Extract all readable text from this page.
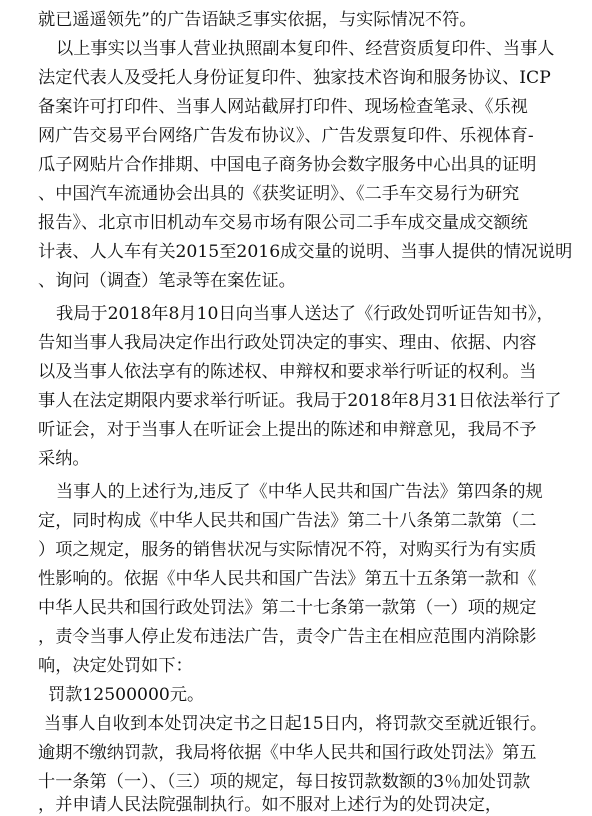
就已遥遥领先”的广告语缺乏事实依据，与实际情况不符。
以上事实以当事人营业执照副本复印件、经营资质复印件、当事人
法定代表人及受托人身份证复印件、独家技术咨询和服务协议、ICP
备案许可打印件、当事人网站截屏打印件、现场检查笔录、《乐视
网广告交易平台网络广告发布协议》、广告发票复印件、乐视体育-
瓜子网贴片合作排期、中国电子商务协会数字服务中心出具的证明
、中国汽车流通协会出具的《获奖证明》、《二手车交易行为研究
报告》、北京市旧机动车交易市场有限公司二手车成交量成交额统
计表、人人车有关2015至2016成交量的说明、当事人提供的情况说明
、询问（调查）笔录等在案佐证。
我局于2018年8月10日向当事人送达了《行政处罚听证告知书》，
告知当事人我局决定作出行政处罚决定的事实、理由、依据、内容
以及当事人依法享有的陈述权、申辩权和要求举行听证的权利。当
事人在法定期限内要求举行听证。我局于2018年8月31日依法举行了
听证会，对于当事人在听证会上提出的陈述和申辩意见，我局不予
采纳。
当事人的上述行为,违反了《中华人民共和国广告法》第四条的规
定，同时构成《中华人民共和国广告法》第二十八条第二款第（二
）项之规定，服务的销售状况与实际情况不符，对购买行为有实质
性影响的。依据《中华人民共和国广告法》第五十五条第一款和《
中华人民共和国行政处罚法》第二十七条第一款第（一）项的规定
，责令当事人停止发布违法广告，责令广告主在相应范围内消除影
响，决定处罚如下：
罚款12500000元。
当事人自收到本处罚决定书之日起15日内，将罚款交至就近银行。
逾期不缴纳罚款，我局将依据《中华人民共和国行政处罚法》第五
十一条第（一）、（三）项的规定，每日按罚款数额的3％加处罚款
，并申请人民法院强制执行。如不服对上述行为的处罚决定，
